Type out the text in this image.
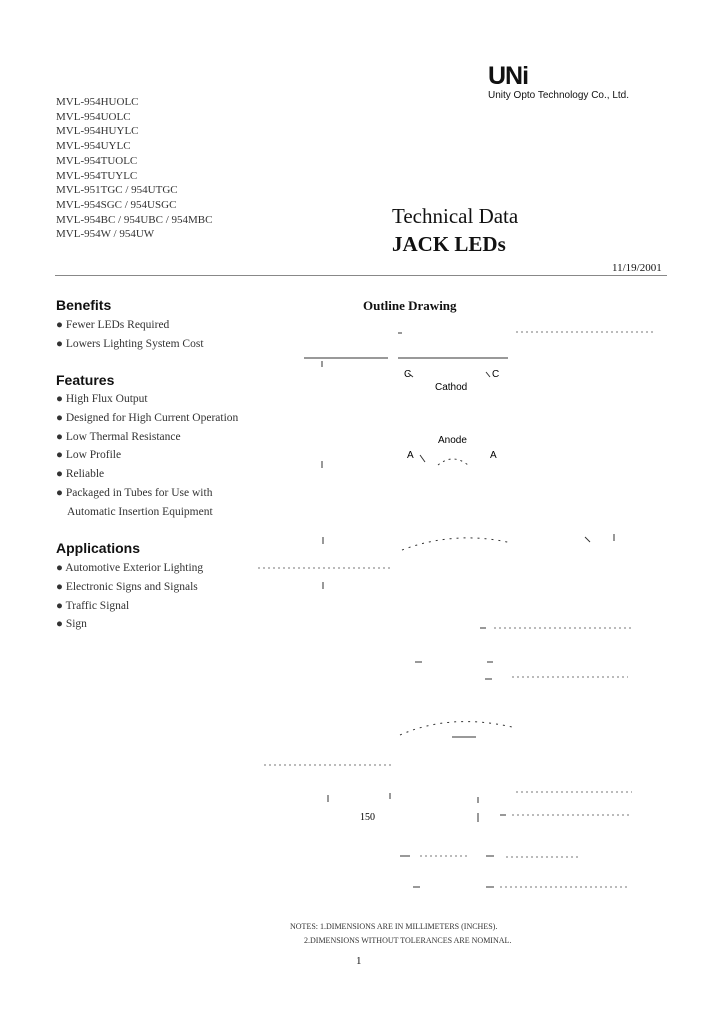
UNi
Unity Opto Technology Co., Ltd.
MVL-954HUOLC
MVL-954UOLC
MVL-954HUYLC
MVL-954UYLC
MVL-954TUOLC
MVL-954TUYLC
MVL-951TGC / 954UTGC
MVL-954SGC / 954USGC
MVL-954BC / 954UBC / 954MBC
MVL-954W / 954UW
Technical Data
JACK LEDs
11/19/2001
Benefits
● Fewer LEDs Required
● Lowers Lighting System Cost
Features
● High Flux Output
● Designed for High Current Operation
● Low Thermal Resistance
● Low Profile
● Reliable
● Packaged in Tubes for Use with
Automatic Insertion Equipment
Applications
● Automotive Exterior Lighting
● Electronic Signs and Signals
● Traffic Signal
● Sign
Outline Drawing
C	C
Cathod
Anode
A	A
150
NOTES: 1.DIMENSIONS ARE IN MILLIMETERS (INCHES).
2.DIMENSIONS WITHOUT TOLERANCES ARE NOMINAL.
1
